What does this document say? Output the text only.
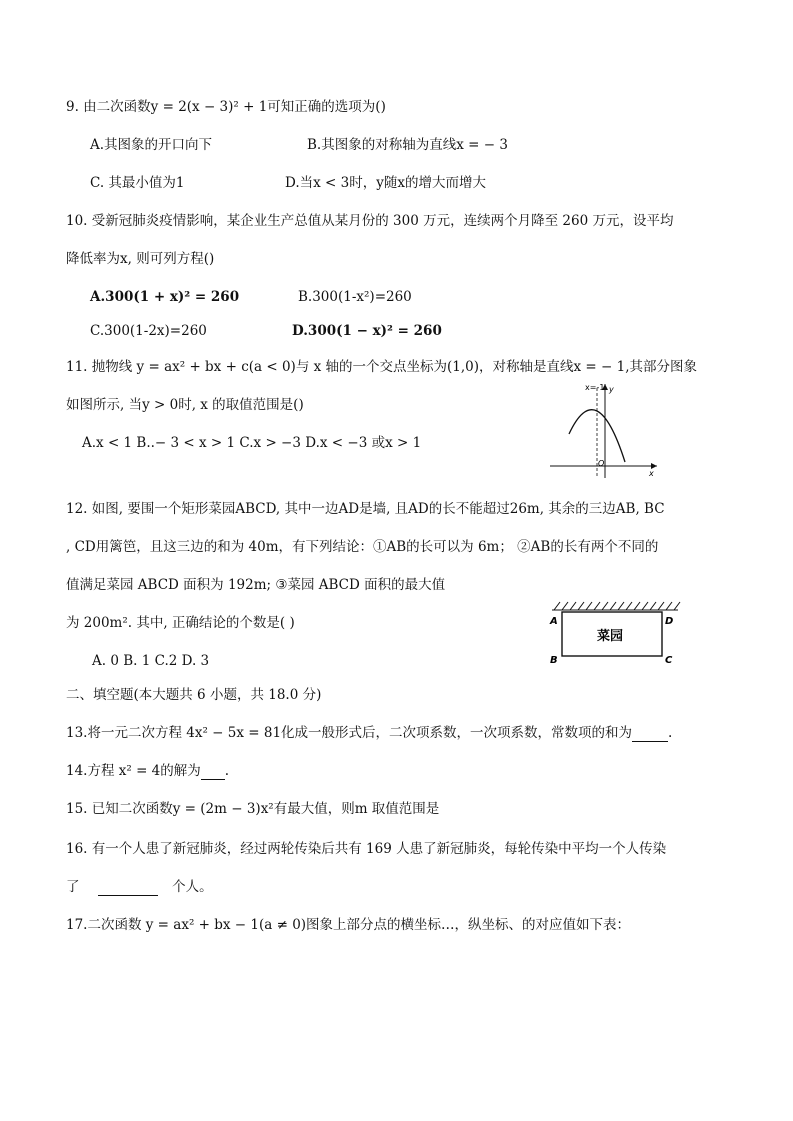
9. 由二次函数y = 2(x − 3)² + 1可知正确的选项为()
A.其图象的开口向下	B.其图象的对称轴为直线x = − 3
C. 其最小值为1	D.当x < 3时，y随x的增大而增大
10. 受新冠肺炎疫情影响，某企业生产总值从某月份的 300 万元，连续两个月降至 260 万元，设平均
降低率为x, 则可列方程()
A.300(1 + x)² = 260	B.300(1-x²)=260
C.300(1-2x)=260	D.300(1 − x)² = 260
11. 抛物线 y = ax² + bx + c(a < 0)与 x 轴的一个交点坐标为(1,0)，对称轴是直线x = − 1,其部分图象
如图所示, 当y > 0时, x 的取值范围是()
A.x < 1 B..− 3 < x > 1 C.x > −3 D.x < −3 或x > 1
x=-1 y
x
O
12. 如图, 要围一个矩形菜园ABCD, 其中一边AD是墙, 且AD的长不能超过26m, 其余的三边AB, BC
, CD用篱笆，且这三边的和为 40m，有下列结论：①AB的长可以为 6m； ②AB的长有两个不同的
值满足菜园 ABCD 面积为 192m; ③菜园 ABCD 面积的最大值
为 200m². 其中, 正确结论的个数是( )
A. 0 B. 1 C.2 D. 3
菜园
A	D
B	C
二、填空题(本大题共 6 小题，共 18.0 分)
13.将一元二次方程 4x² − 5x = 81化成一般形式后，二次项系数，一次项系数，常数项的和为	.
14.方程 x² = 4的解为 .
15. 已知二次函数y = (2m − 3)x²有最大值，则m 取值范围是
16. 有一个人患了新冠肺炎，经过两轮传染后共有 169 人患了新冠肺炎，每轮传染中平均一个人传染
了	个人。
17.二次函数 y = ax² + bx − 1(a ≠ 0)图象上部分点的横坐标…，纵坐标、的对应值如下表：
